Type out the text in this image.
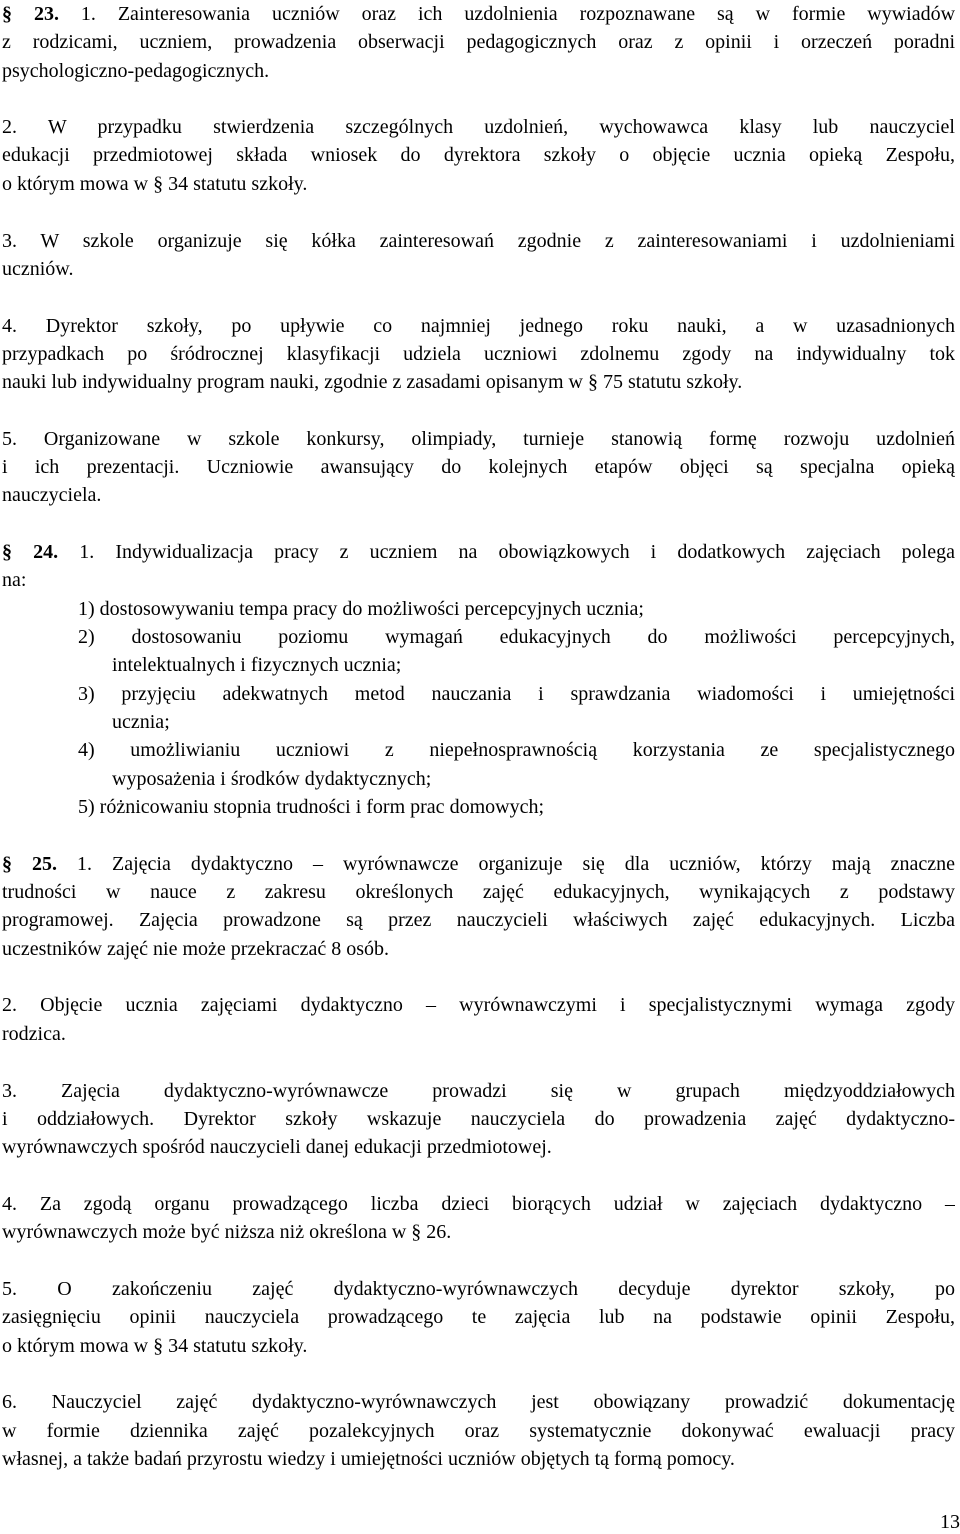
§ 23. 1. Zainteresowania uczniów oraz ich uzdolnienia rozpoznawane są w formie wywiadów
z rodzicami, uczniem, prowadzenia obserwacji pedagogicznych oraz z opinii i orzeczeń poradni
psychologiczno-pedagogicznych.
2. W przypadku stwierdzenia szczególnych uzdolnień, wychowawca klasy lub nauczyciel
edukacji przedmiotowej składa wniosek do dyrektora szkoły o objęcie ucznia opieką Zespołu,
o którym mowa w § 34 statutu szkoły.
3. W szkole organizuje się kółka zainteresowań zgodnie z zainteresowaniami i uzdolnieniami
uczniów.
4. Dyrektor szkoły, po upływie co najmniej jednego roku nauki, a w uzasadnionych
przypadkach po śródrocznej klasyfikacji udziela uczniowi zdolnemu zgody na indywidualny tok
nauki lub indywidualny program nauki, zgodnie z zasadami opisanym w § 75 statutu szkoły.
5. Organizowane w szkole konkursy, olimpiady, turnieje stanowią formę rozwoju uzdolnień
i ich prezentacji. Uczniowie awansujący do kolejnych etapów objęci są specjalna opieką
nauczyciela.
§ 24. 1. Indywidualizacja pracy z uczniem na obowiązkowych i dodatkowych zajęciach polega
na:
1) dostosowywaniu tempa pracy do możliwości percepcyjnych ucznia;
2) dostosowaniu poziomu wymagań edukacyjnych do możliwości percepcyjnych,
intelektualnych i fizycznych ucznia;
3) przyjęciu adekwatnych metod nauczania i sprawdzania wiadomości i umiejętności
ucznia;
4) umożliwianiu uczniowi z niepełnosprawnością korzystania ze specjalistycznego
wyposażenia i środków dydaktycznych;
5) różnicowaniu stopnia trudności i form prac domowych;
§ 25. 1. Zajęcia dydaktyczno – wyrównawcze organizuje się dla uczniów, którzy mają znaczne
trudności w nauce z zakresu określonych zajęć edukacyjnych, wynikających z podstawy
programowej. Zajęcia prowadzone są przez nauczycieli właściwych zajęć edukacyjnych. Liczba
uczestników zajęć nie może przekraczać 8 osób.
2. Objęcie ucznia zajęciami dydaktyczno – wyrównawczymi i specjalistycznymi wymaga zgody
rodzica.
3. Zajęcia dydaktyczno-wyrównawcze prowadzi się w grupach międzyoddziałowych
i oddziałowych. Dyrektor szkoły wskazuje nauczyciela do prowadzenia zajęć dydaktyczno-
wyrównawczych spośród nauczycieli danej edukacji przedmiotowej.
4. Za zgodą organu prowadzącego liczba dzieci biorących udział w zajęciach dydaktyczno –
wyrównawczych może być niższa niż określona w § 26.
5. O zakończeniu zajęć dydaktyczno-wyrównawczych decyduje dyrektor szkoły, po
zasięgnięciu opinii nauczyciela prowadzącego te zajęcia lub na podstawie opinii Zespołu,
o którym mowa w § 34 statutu szkoły.
6. Nauczyciel zajęć dydaktyczno-wyrównawczych jest obowiązany prowadzić dokumentację
w formie dziennika zajęć pozalekcyjnych oraz systematycznie dokonywać ewaluacji pracy
własnej, a także badań przyrostu wiedzy i umiejętności uczniów objętych tą formą pomocy.
13
